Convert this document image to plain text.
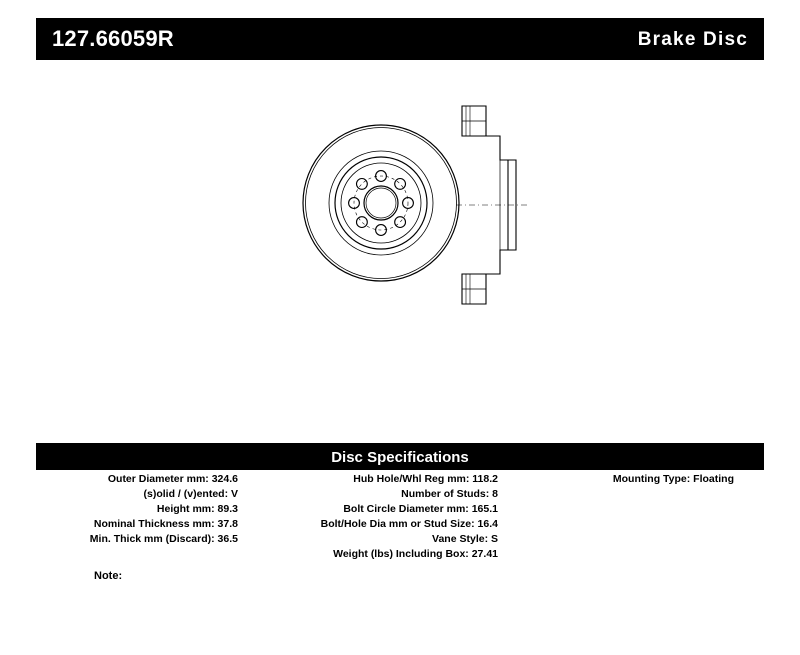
127.66059R	Brake Disc
Disc Specifications
Outer Diameter mm: 324.6
(s)olid / (v)ented: V
Height mm: 89.3
Nominal Thickness mm: 37.8
Min. Thick mm (Discard): 36.5
Hub Hole/Whl Reg mm: 118.2
Number of Studs: 8
Bolt Circle Diameter mm: 165.1
Bolt/Hole Dia mm or Stud Size: 16.4
Vane Style: S
Weight (lbs) Including Box: 27.41
Mounting Type: Floating
Note:
